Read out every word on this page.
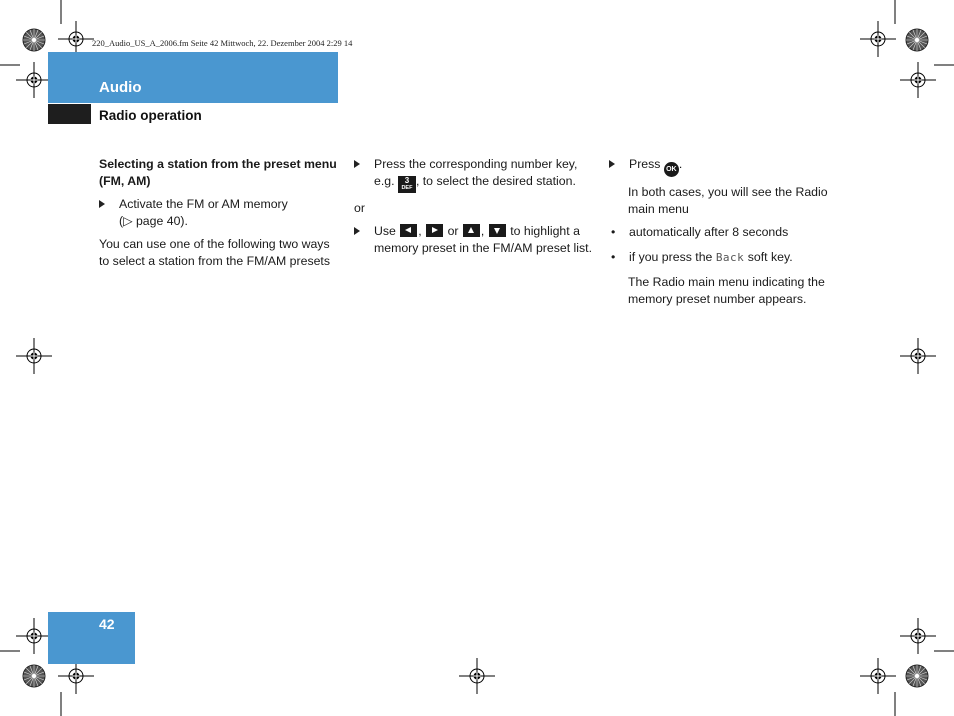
220_Audio_US_A_2006.fm Seite 42 Mittwoch, 22. Dezember 2004 2:29 14
Audio
Radio operation

Selecting a station from the preset menu (FM, AM)

Activate the FM or AM memory
(▷ page 40).

You can use one of the following two ways to select a station from the FM/AM presets

Press the corresponding number key, e.g. 3
DEF , to select the desired station.

or

Use , or , to highlight a memory preset in the FM/AM preset list.
Press OK .

In both cases, you will see the Radio main menu

• automatically after 8 seconds
• if you press the Back soft key.

The Radio main menu indicating the memory preset number appears.

42
